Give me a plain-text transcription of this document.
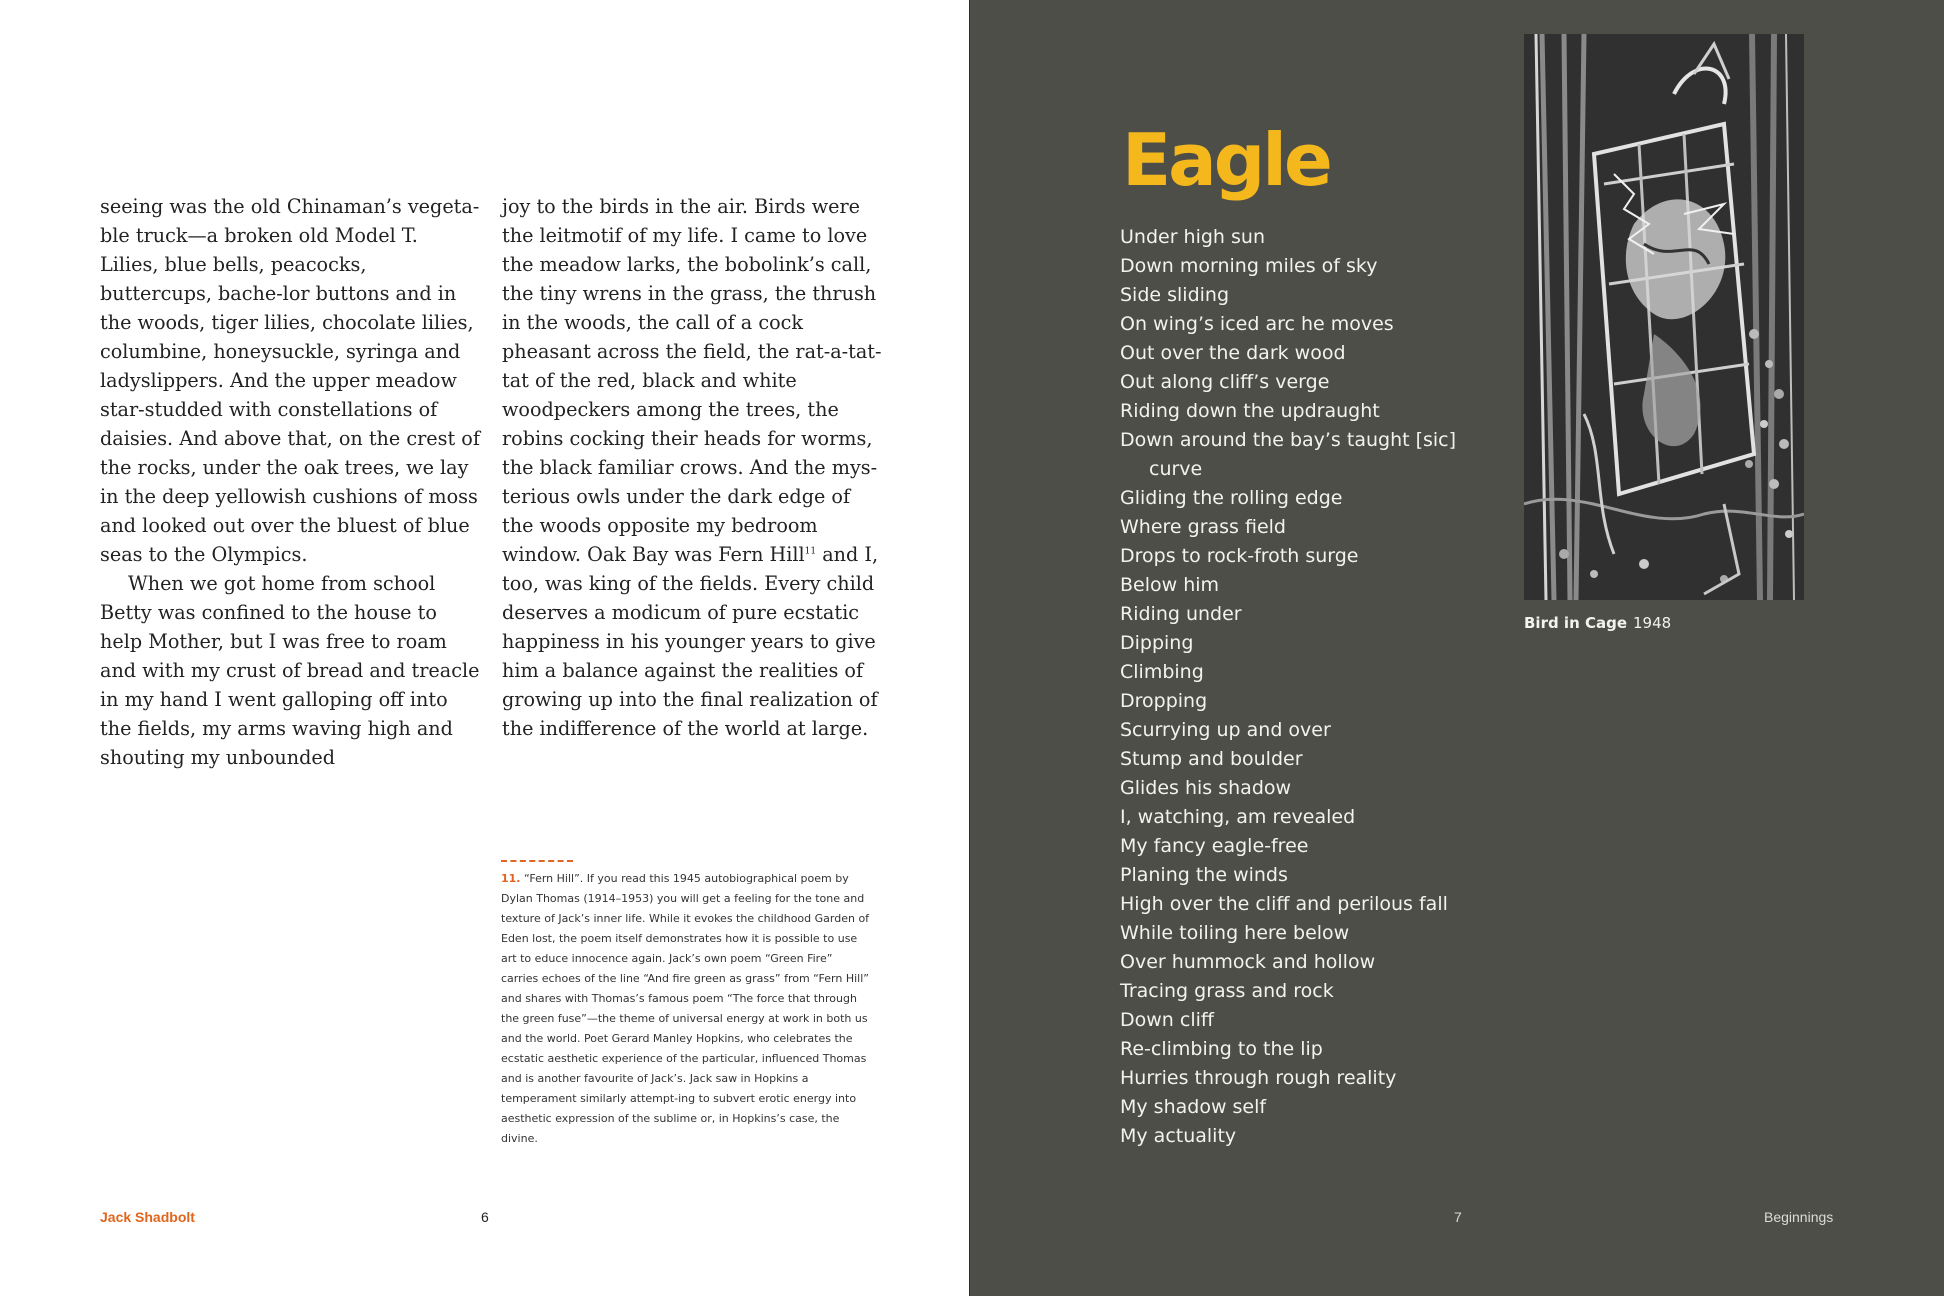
seeing was the old Chinaman’s vegeta-ble truck—a broken old Model T. Lilies, blue bells, peacocks, buttercups, bache-lor buttons and in the woods, tiger lilies, chocolate lilies, columbine, honeysuckle, syringa and ladyslippers. And the upper meadow star-studded with constellations of daisies. And above that, on the crest of the rocks, under the oak trees, we lay in the deep yellowish cushions of moss and looked out over the bluest of blue seas to the Olympics.

When we got home from school Betty was confined to the house to help Mother, but I was free to roam and with my crust of bread and treacle in my hand I went galloping off into the fields, my arms waving high and shouting my unbounded

joy to the birds in the air. Birds were the leitmotif of my life. I came to love the meadow larks, the bobolink’s call, the tiny wrens in the grass, the thrush in the woods, the call of a cock pheasant across the field, the rat-a-tat-tat of the red, black and white woodpeckers among the trees, the robins cocking their heads for worms, the black familiar crows. And the mys-terious owls under the dark edge of the woods opposite my bedroom window. Oak Bay was Fern Hill$^{11}$ and I, too, was king of the fields. Every child deserves a modicum of pure ecstatic happiness in his younger years to give him a balance against the realities of growing up into the final realization of the indifference of the world at large.

11. “Fern Hill”. If you read this 1945 autobiographical poem by Dylan Thomas (1914–1953) you will get a feeling for the tone and texture of Jack’s inner life. While it evokes the childhood Garden of Eden lost, the poem itself demonstrates how it is possible to use art to educe innocence again. Jack’s own poem “Green Fire” carries echoes of the line “And fire green as grass” from “Fern Hill” and shares with Thomas’s famous poem “The force that through the green fuse”—the theme of universal energy at work in both us and the world. Poet Gerard Manley Hopkins, who celebrates the ecstatic aesthetic experience of the particular, influenced Thomas and is another favourite of Jack’s. Jack saw in Hopkins a temperament similarly attempt-ing to subvert erotic energy into aesthetic expression of the sublime or, in Hopkins’s case, the divine.
Jack Shadbolt	6
Eagle
Under high sun
Down morning miles of sky
Side sliding
On wing’s iced arc he moves
Out over the dark wood
Out along cliff’s verge
Riding down the updraught
Down around the bay’s taught [sic]
curve
Gliding the rolling edge
Where grass field
Drops to rock-froth surge
Below him
Riding under
Dipping
Climbing
Dropping
Scurrying up and over
Stump and boulder
Glides his shadow
I, watching, am revealed
My fancy eagle-free
Planing the winds
High over the cliff and perilous fall
While toiling here below
Over hummock and hollow
Tracing grass and rock
Down cliff
Re-climbing to the lip
Hurries through rough reality
My shadow self
My actuality
Bird in Cage 1948
7	Beginnings
